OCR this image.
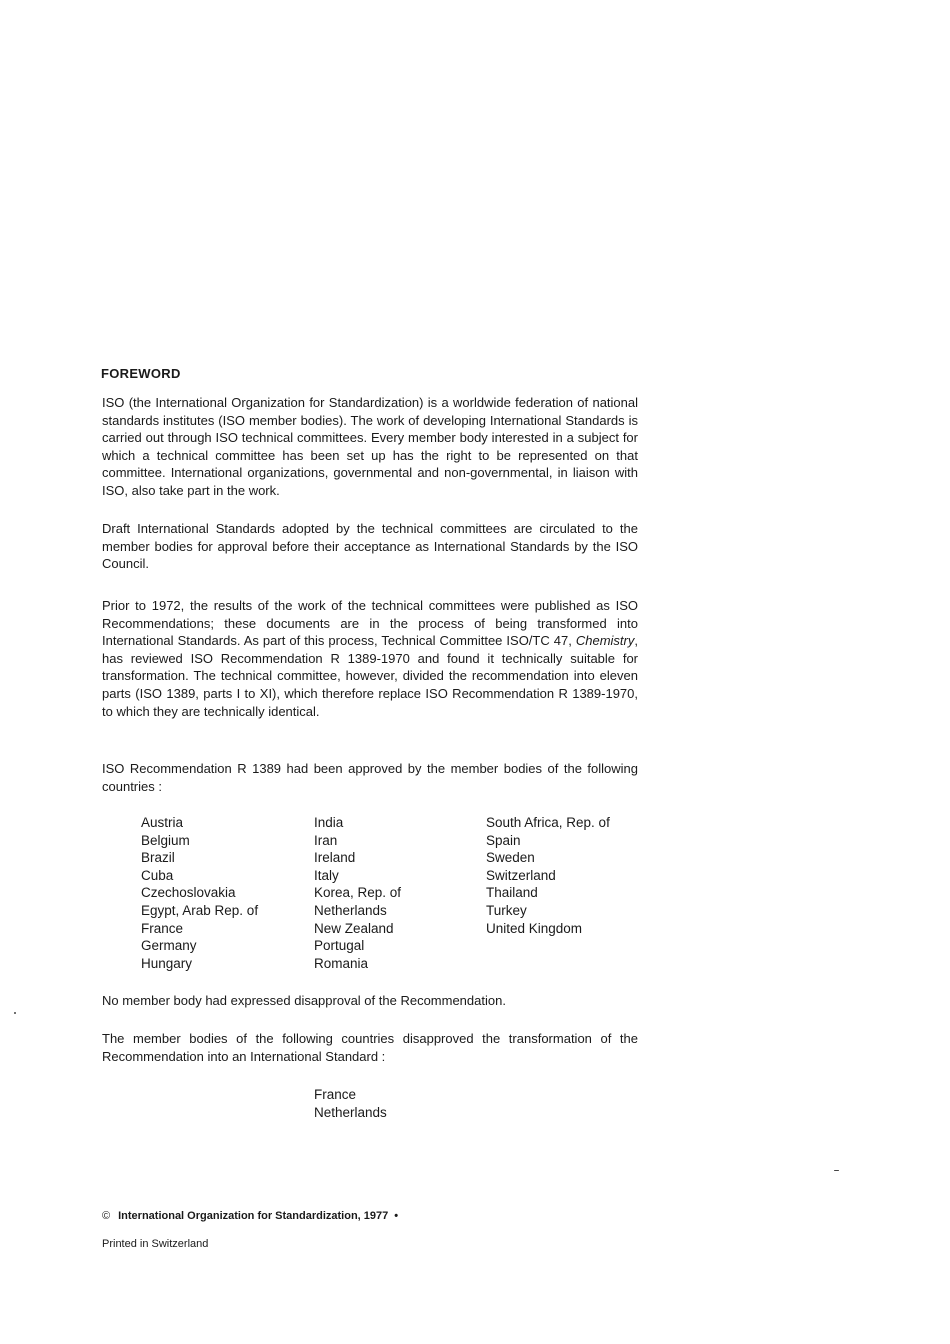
FOREWORD

ISO (the International Organization for Standardization) is a worldwide federation of national standards institutes (ISO member bodies). The work of developing International Standards is carried out through ISO technical committees. Every member body interested in a subject for which a technical committee has been set up has the right to be represented on that committee. International organizations, governmental and non-governmental, in liaison with ISO, also take part in the work.

Draft International Standards adopted by the technical committees are circulated to the member bodies for approval before their acceptance as International Standards by the ISO Council.

Prior to 1972, the results of the work of the technical committees were published as ISO Recommendations; these documents are in the process of being transformed into International Standards. As part of this process, Technical Committee ISO/TC 47, Chemistry, has reviewed ISO Recommendation R 1389-1970 and found it technically suitable for transformation. The technical committee, however, divided the recommendation into eleven parts (ISO 1389, parts I to XI), which therefore replace ISO Recommendation R 1389-1970, to which they are technically identical.

ISO Recommendation R 1389 had been approved by the member bodies of the following countries :

Austria
Belgium
Brazil
Cuba
Czechoslovakia
Egypt, Arab Rep. of
France
Germany
Hungary
India
Iran
Ireland
Italy
Korea, Rep. of
Netherlands
New Zealand
Portugal
Romania
South Africa, Rep. of
Spain
Sweden
Switzerland
Thailand
Turkey
United Kingdom

No member body had expressed disapproval of the Recommendation.

The member bodies of the following countries disapproved the transformation of the Recommendation into an International Standard :

France
Netherlands

© International Organization for Standardization, 1977 •

Printed in Switzerland
